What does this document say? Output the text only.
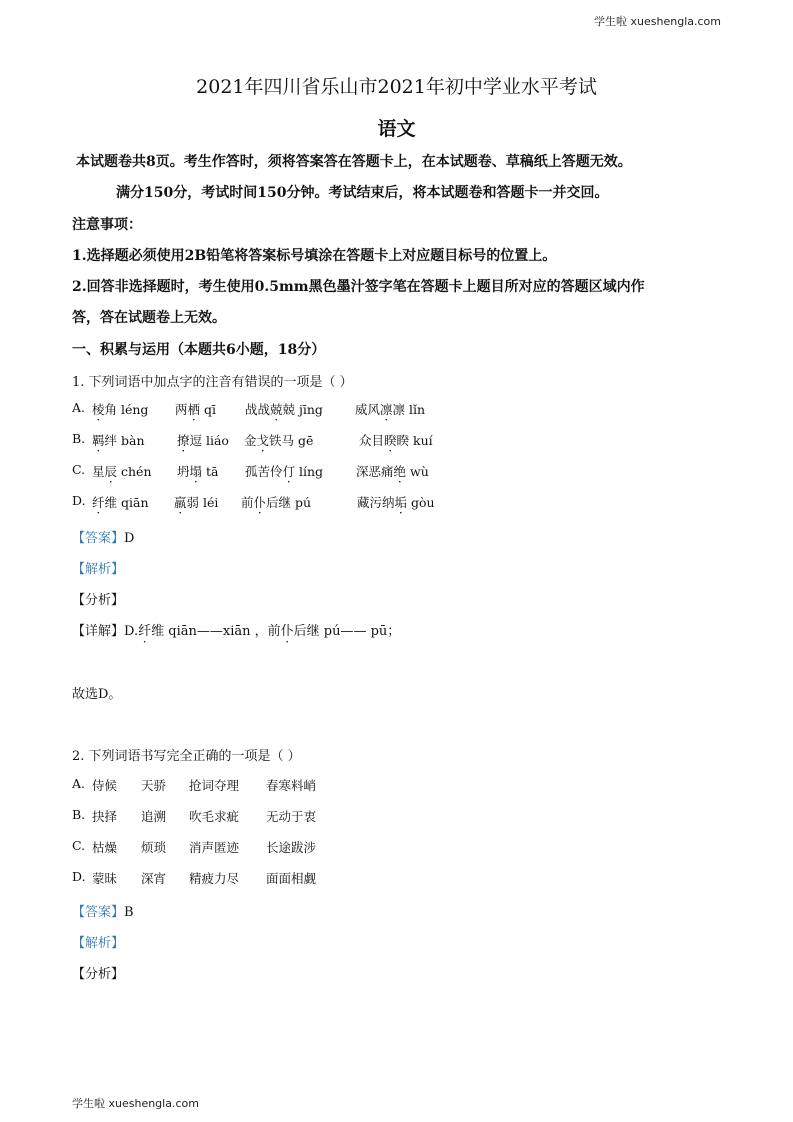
学生啦 xueshengla.com
2021年四川省乐山市2021年初中学业水平考试
语文
本试题卷共8页。考生作答时，须将答案答在答题卡上，在本试题卷、草稿纸上答题无效。
满分150分，考试时间150分钟。考试结束后，将本试题卷和答题卡一并交回。
注意事项：
1.选择题必须使用2B铅笔将答案标号填涂在答题卡上对应题目标号的位置上。
2.回答非选择题时，考生使用0.5mm黑色墨汁签字笔在答题卡上题目所对应的答题区域内作
答，答在试题卷上无效。
一、积累与运用（本题共6小题，18分）
1. 下列词语中加点字的注音有错误的一项是（ ）
A. 棱角 léng 两栖 qī 战战兢兢 jīng	威风凛凛 lǐn
B. 羁绊 bàn	撩逗 liáo 金戈铁马 gē	众目睽睽 kuí
C. 星辰 chén 坍塌 tā 孤苦伶仃 líng	深恶痛绝 wù
D. 纤维 qiān 羸弱 léi 前仆后继 pú	藏污纳垢 gòu
【答案】D
【解析】
【分析】
【详解】D.纤维 qiān——xiān ，前仆后继 pú—— pū；
故选D。
2. 下列词语书写完全正确的一项是（ ）
A. 侍候 天骄 抢词夺理 春寒料峭
B. 抉择 追溯 吹毛求疵 无动于衷
C. 枯燥 烦琐 消声匿迹 长途跋涉
D. 蒙昧 深宵 精疲力尽 面面相觑
【答案】B
【解析】
【分析】
学生啦 xueshengla.com
